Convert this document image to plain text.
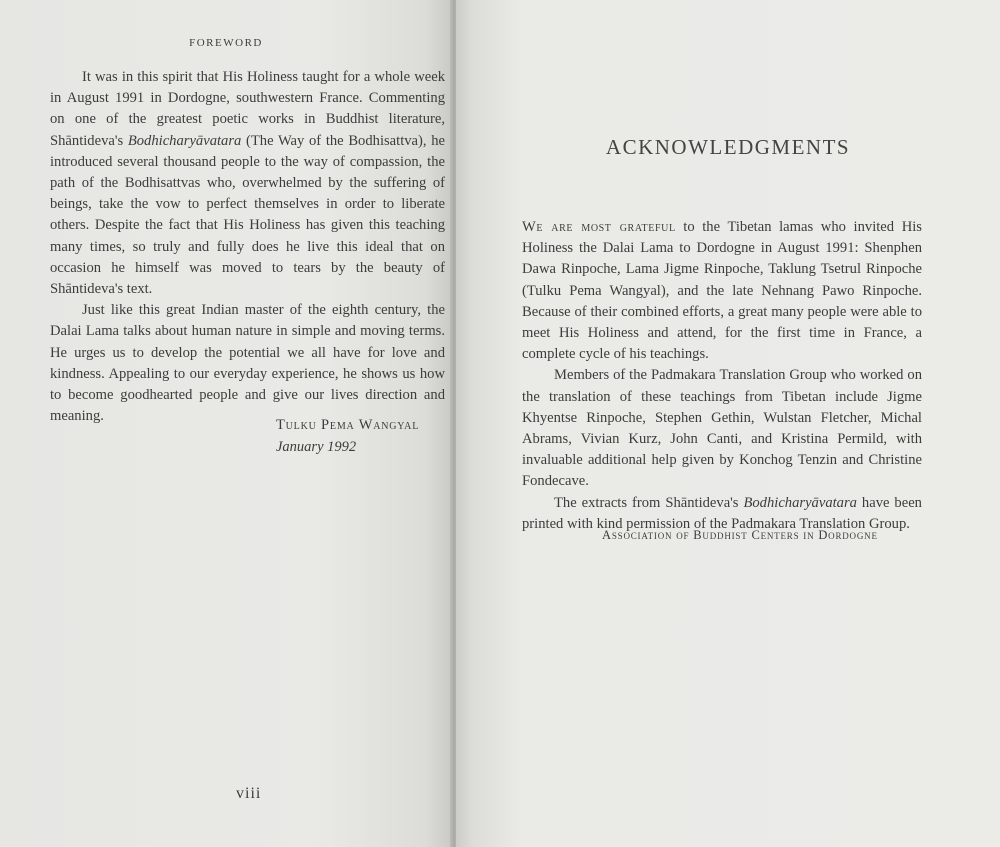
FOREWORD

It was in this spirit that His Holiness taught for a whole week in August 1991 in Dordogne, southwestern France. Commenting on one of the greatest poetic works in Buddhist literature, Shāntideva's Bodhicharyāvatara (The Way of the Bodhisattva), he introduced several thousand people to the way of compassion, the path of the Bodhisattvas who, overwhelmed by the suffering of beings, take the vow to perfect themselves in order to liberate others. Despite the fact that His Holiness has given this teaching many times, so truly and fully does he live this ideal that on occasion he himself was moved to tears by the beauty of Shāntideva's text.

Just like this great Indian master of the eighth century, the Dalai Lama talks about human nature in simple and moving terms. He urges us to develop the potential we all have for love and kindness. Appealing to our everyday experience, he shows us how to become goodhearted people and give our lives direction and meaning.

Tulku Pema Wangyal
January 1992
viii
ACKNOWLEDGMENTS

We are most grateful to the Tibetan lamas who invited His Holiness the Dalai Lama to Dordogne in August 1991: Shenphen Dawa Rinpoche, Lama Jigme Rinpoche, Taklung Tsetrul Rinpoche (Tulku Pema Wangyal), and the late Nehnang Pawo Rinpoche. Because of their combined efforts, a great many people were able to meet His Holiness and attend, for the first time in France, a complete cycle of his teachings.

Members of the Padmakara Translation Group who worked on the translation of these teachings from Tibetan include Jigme Khyentse Rinpoche, Stephen Gethin, Wulstan Fletcher, Michal Abrams, Vivian Kurz, John Canti, and Kristina Permild, with invaluable additional help given by Konchog Tenzin and Christine Fondecave.

The extracts from Shāntideva's Bodhicharyāvatara have been printed with kind permission of the Padmakara Translation Group.

Association of Buddhist Centers in Dordogne
